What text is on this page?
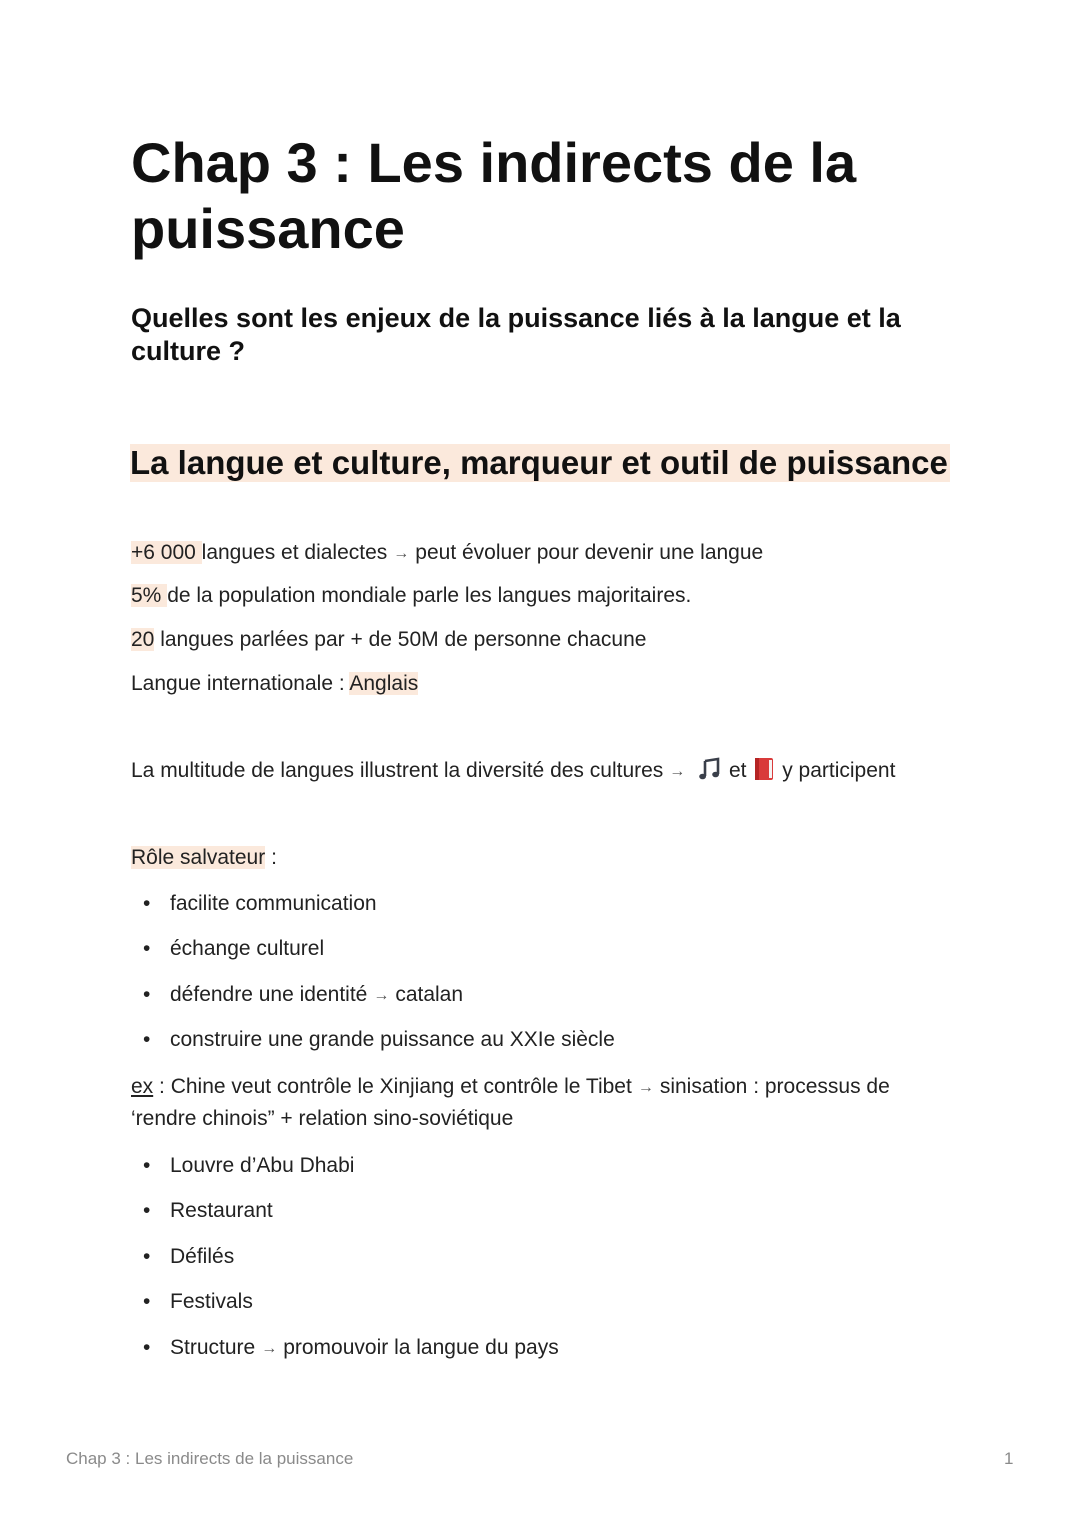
Chap 3 : Les indirects de la puissance
Quelles sont les enjeux de la puissance liés à la langue et la culture ?
La langue et culture, marqueur et outil de puissance
+6 000 langues et dialectes → peut évoluer pour devenir une langue
5% de la population mondiale parle les langues majoritaires.
20 langues parlées par + de 50M de personne chacune
Langue internationale : Anglais
La multitude de langues illustrent la diversité des cultures → et y participent
Rôle salvateur :
• facilite communication
• échange culturel
• défendre une identité → catalan
• construire une grande puissance au XXIe siècle
ex : Chine veut contrôle le Xinjiang et contrôle le Tibet → sinisation : processus de
‘rendre chinois” + relation sino-soviétique
• Louvre d’Abu Dhabi
• Restaurant
• Défilés
• Festivals
• Structure → promouvoir la langue du pays
Chap 3 : Les indirects de la puissance	1
